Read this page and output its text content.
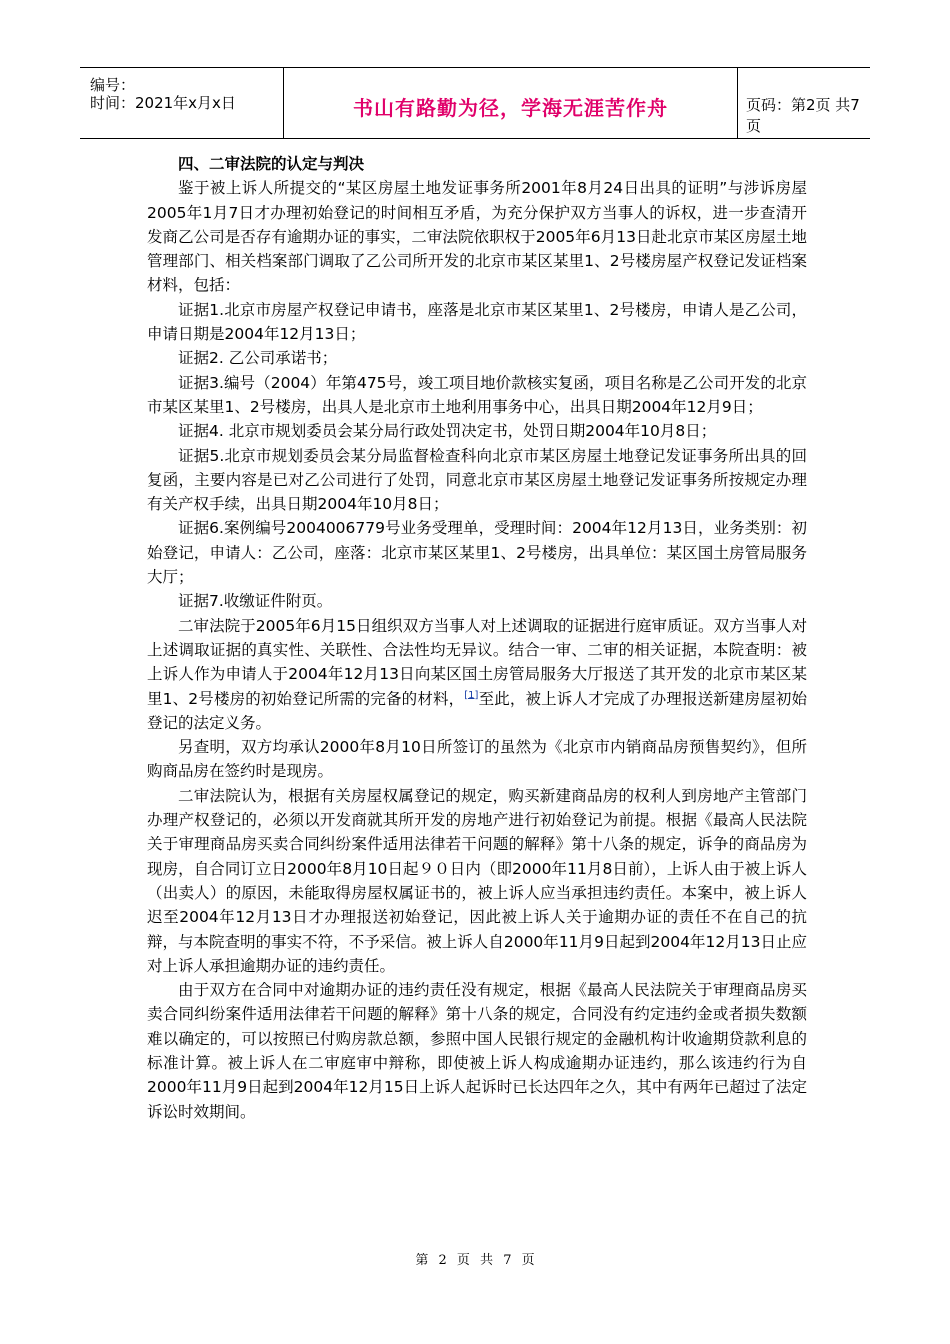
编号：
时间：2021年x月x日	书山有路勤为径，学海无涯苦作舟	页码：第2页 共7页
四、二审法院的认定与判决

鉴于被上诉人所提交的“某区房屋土地发证事务所2001年8月24日出具的证明”与涉诉房屋2005年1月7日才办理初始登记的时间相互矛盾，为充分保护双方当事人的诉权，进一步查清开发商乙公司是否存有逾期办证的事实，二审法院依职权于2005年6月13日赴北京市某区房屋土地管理部门、相关档案部门调取了乙公司所开发的北京市某区某里1、2号楼房屋产权登记发证档案材料，包括：

证据1.北京市房屋产权登记申请书，座落是北京市某区某里1、2号楼房，申请人是乙公司，申请日期是2004年12月13日；

证据2. 乙公司承诺书；

证据3.编号（2004）年第475号，竣工项目地价款核实复函，项目名称是乙公司开发的北京市某区某里1、2号楼房，出具人是北京市土地利用事务中心，出具日期2004年12月9日；

证据4. 北京市规划委员会某分局行政处罚决定书，处罚日期2004年10月8日；

证据5.北京市规划委员会某分局监督检查科向北京市某区房屋土地登记发证事务所出具的回复函，主要内容是已对乙公司进行了处罚，同意北京市某区房屋土地登记发证事务所按规定办理有关产权手续，出具日期2004年10月8日；

证据6.案例编号2004006779号业务受理单，受理时间：2004年12月13日，业务类别：初始登记，申请人：乙公司，座落：北京市某区某里1、2号楼房，出具单位：某区国土房管局服务大厅；

证据7.收缴证件附页。

二审法院于2005年6月15日组织双方当事人对上述调取的证据进行庭审质证。双方当事人对上述调取证据的真实性、关联性、合法性均无异议。结合一审、二审的相关证据，本院查明：被上诉人作为申请人于2004年12月13日向某区国土房管局服务大厅报送了其开发的北京市某区某里1、2号楼房的初始登记所需的完备的材料，[1]至此，被上诉人才完成了办理报送新建房屋初始登记的法定义务。

另查明，双方均承认2000年8月10日所签订的虽然为《北京市内销商品房预售契约》，但所购商品房在签约时是现房。

二审法院认为，根据有关房屋权属登记的规定，购买新建商品房的权利人到房地产主管部门办理产权登记的，必须以开发商就其所开发的房地产进行初始登记为前提。根据《最高人民法院关于审理商品房买卖合同纠纷案件适用法律若干问题的解释》第十八条的规定，诉争的商品房为现房，自合同订立日2000年8月10日起９０日内（即2000年11月8日前），上诉人由于被上诉人（出卖人）的原因，未能取得房屋权属证书的，被上诉人应当承担违约责任。本案中，被上诉人迟至2004年12月13日才办理报送初始登记，因此被上诉人关于逾期办证的责任不在自己的抗辩，与本院查明的事实不符，不予采信。被上诉人自2000年11月9日起到2004年12月13日止应对上诉人承担逾期办证的违约责任。

由于双方在合同中对逾期办证的违约责任没有规定，根据《最高人民法院关于审理商品房买卖合同纠纷案件适用法律若干问题的解释》第十八条的规定，合同没有约定违约金或者损失数额难以确定的，可以按照已付购房款总额，参照中国人民银行规定的金融机构计收逾期贷款利息的标准计算。被上诉人在二审庭审中辩称，即使被上诉人构成逾期办证违约，那么该违约行为自2000年11月9日起到2004年12月15日上诉人起诉时已长达四年之久，其中有两年已超过了法定诉讼时效期间。

第 2 页 共 7 页
